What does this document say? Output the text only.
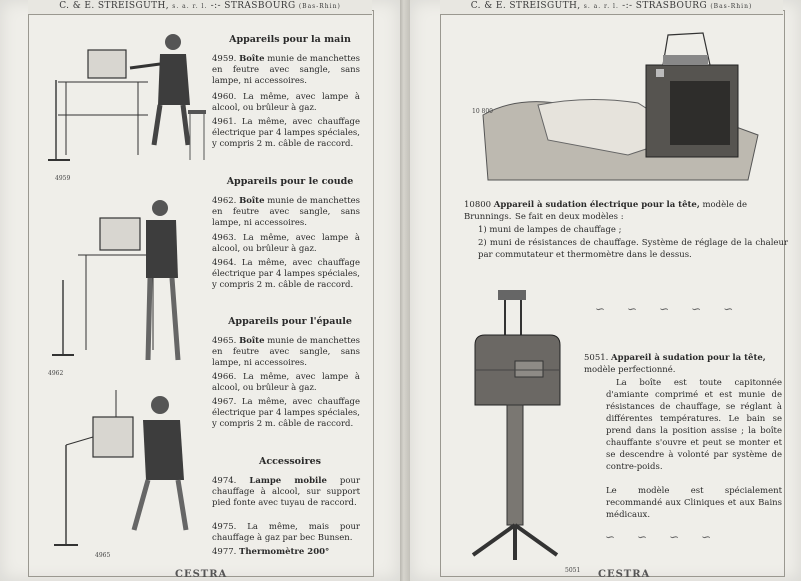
C. & E. STREISGUTH, s. a. r. l. -:- STRASBOURG (Bas-Rhin)
4959
4962
4965
Appareils pour la main
4959. Boîte munie de manchettes en feutre avec sangle, sans lampe, ni accessoires.
4960. La même, avec lampe à alcool, ou brûleur à gaz.
4961. La même, avec chauffage électrique par 4 lampes spéciales, y compris 2 m. câble de raccord.
Appareils pour le coude
4962. Boîte munie de manchettes en feutre avec sangle, sans lampe, ni accessoires.
4963. La même, avec lampe à alcool, ou brûleur à gaz.
4964. La même, avec chauffage électrique par 4 lampes spéciales, y compris 2 m. câble de raccord.
Appareils pour l'épaule
4965. Boîte munie de manchettes en feutre avec sangle, sans lampe, ni accessoires.
4966. La même, avec lampe à alcool, ou brûleur à gaz.
4967. La même, avec chauffage électrique par 4 lampes spéciales, y compris 2 m. câble de raccord.
Accessoires
4974. Lampe mobile pour chauffage à alcool, sur support pied fonte avec tuyau de raccord.
4975. La même, mais pour chauffage à gaz par bec Bunsen.
4977. Thermomètre 200°
CESTRA
C. & E. STREISGUTH, s. a. r. l. -:- STRASBOURG (Bas-Rhin)
10 800
10800 Appareil à sudation électrique pour la tête, modèle de Brunnings. Se fait en deux modèles :
1) muni de lampes de chauffage ;
2) muni de résistances de chauffage. Système de réglage de la chaleur par commutateur et thermomètre dans le dessus.
∽∽∽∽∽
5051
5051. Appareil à sudation pour la tête, modèle perfectionné.
La boîte est toute capitonnée d'amiante comprimé et est munie de résistances de chauffage, se réglant à différentes températures. Le bain se prend dans la position assise ; la boîte chauffante s'ouvre et peut se monter et se descendre à volonté par système de contre-poids.
Le modèle est spécialement recommandé aux Cliniques et aux Bains médicaux.
∽∽∽∽
CESTRA
